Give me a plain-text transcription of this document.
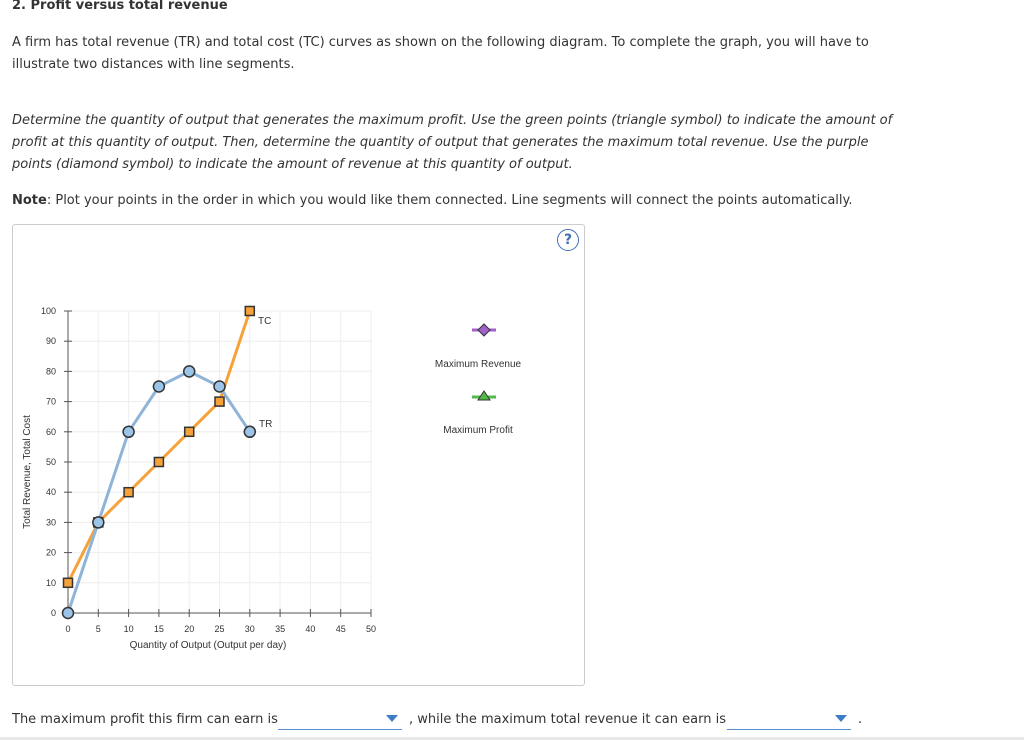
2. Profit versus total revenue

A firm has total revenue (TR) and total cost (TC) curves as shown on the following diagram. To complete the graph, you will have to illustrate two distances with line segments.

Determine the quantity of output that generates the maximum profit. Use the green points (triangle symbol) to indicate the amount of profit at this quantity of output. Then, determine the quantity of output that generates the maximum total revenue. Use the purple points (diamond symbol) to indicate the amount of revenue at this quantity of output.

Note: Plot your points in the order in which you would like them connected. Line segments will connect the points automatically.

?
0	5	10 15 20 25 30 35 40 45 50
0
10
20
30
40
50
60
70
80
90
100
Quantity of Output (Output per day)
Total Revenue, Total Cost
TC
TR
Maximum Revenue
Maximum Profit

The maximum profit this firm can earn is	, while the maximum total revenue it can earn is	.
